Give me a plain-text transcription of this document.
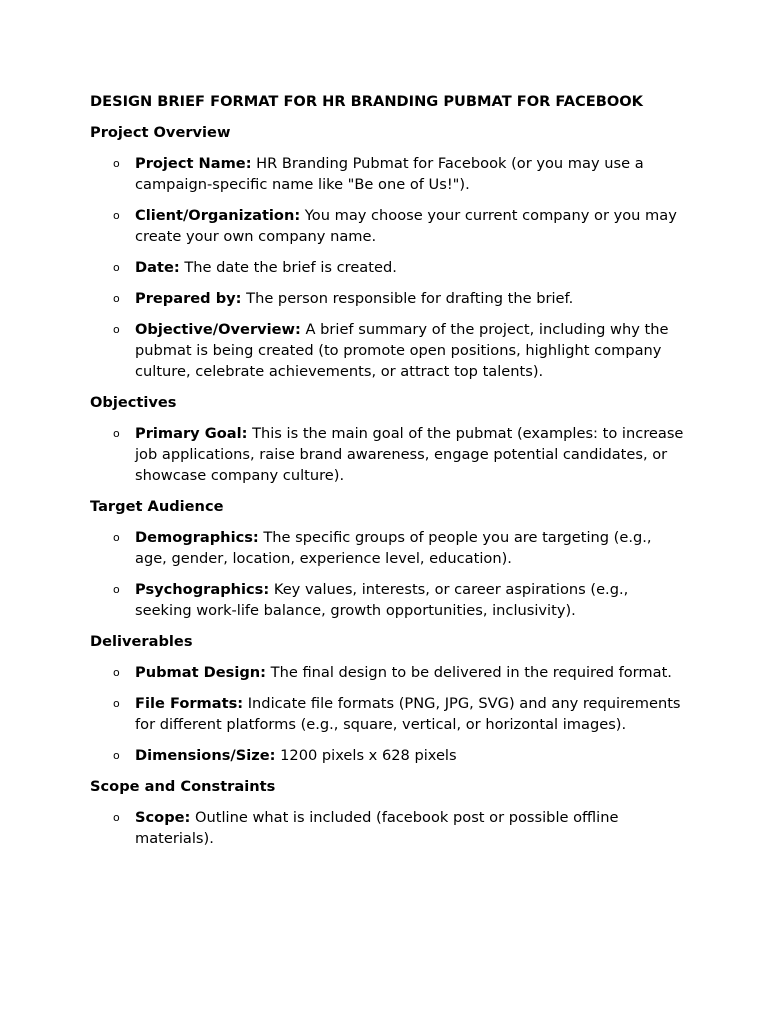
DESIGN BRIEF FORMAT FOR HR BRANDING PUBMAT FOR FACEBOOK
Project Overview
o Project Name: HR Branding Pubmat for Facebook (or you may use a campaign-specific name like "Be one of Us!").
o Client/Organization: You may choose your current company or you may create your own company name.
o Date: The date the brief is created.
o Prepared by: The person responsible for drafting the brief.
o Objective/Overview: A brief summary of the project, including why the pubmat is being created (to promote open positions, highlight company culture, celebrate achievements, or attract top talents).
Objectives
o Primary Goal: This is the main goal of the pubmat (examples: to increase job applications, raise brand awareness, engage potential candidates, or showcase company culture).
Target Audience
o Demographics: The specific groups of people you are targeting (e.g., age, gender, location, experience level, education).
o Psychographics: Key values, interests, or career aspirations (e.g., seeking work-life balance, growth opportunities, inclusivity).
Deliverables
o Pubmat Design: The final design to be delivered in the required format.
o File Formats: Indicate file formats (PNG, JPG, SVG) and any requirements for different platforms (e.g., square, vertical, or horizontal images).
o Dimensions/Size: 1200 pixels x 628 pixels
Scope and Constraints
o Scope: Outline what is included (facebook post or possible offline materials).
